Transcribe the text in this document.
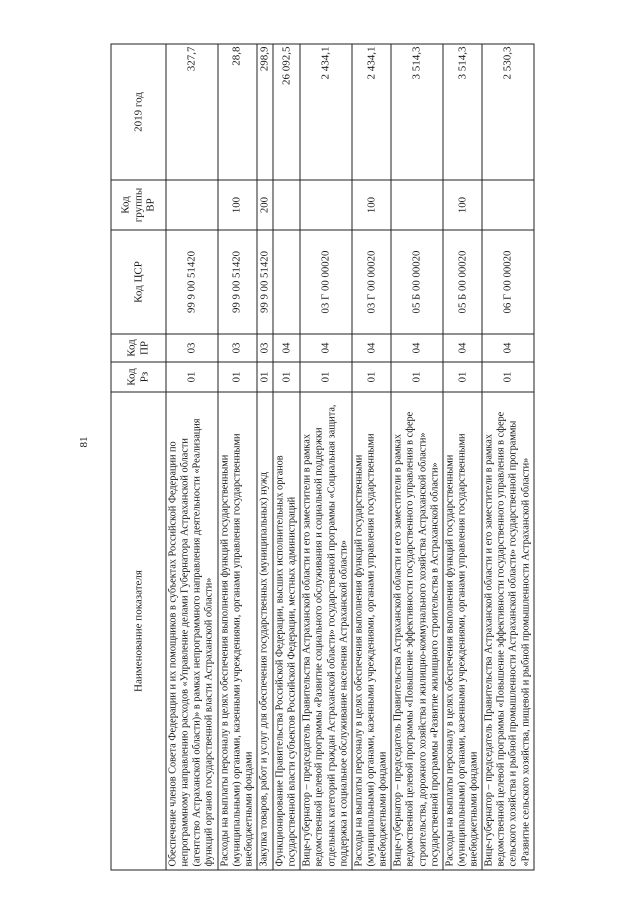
81
Наименование показателя	Код Рз	Код ПР	Код ЦСР	Код группы ВР	2019 год
Обеспечение членов Совета Федерации и их помощников в субъектах Российской Федерации по непрограммному направлению расходов «Управление делами Губернатора Астраханской области (агентство Астраханской области)» в рамках непрограммного направления деятельности «Реализация функций органов государственной власти Астраханской области»	01	03	99 9 00 51420		327,7
Расходы на выплаты персоналу в целях обеспечения выполнения функций государственными (муниципальными) органами, казенными учреждениями, органами управления государственными внебюджетными фондами	01	03	99 9 00 51420	100	28,8
Закупка товаров, работ и услуг для обеспечения государственных (муниципальных) нужд	01	03	99 9 00 51420	200	298,9
Функционирование Правительства Российской Федерации, высших исполнительных органов государственной власти субъектов Российской Федерации, местных администраций	01	04			26 092,5
Вице-губернатор – председатель Правительства Астраханской области и его заместители в рамках ведомственной целевой программы «Развитие социального обслуживания и социальной поддержки отдельных категорий граждан Астраханской области» государственной программы «Социальная защита, поддержка и социальное обслуживание населения Астраханской области»	01	04	03 Г 00 00020		2 434,1
Расходы на выплаты персоналу в целях обеспечения выполнения функций государственными (муниципальными) органами, казенными учреждениями, органами управления государственными внебюджетными фондами	01	04	03 Г 00 00020	100	2 434,1
Вице-губернатор – председатель Правительства Астраханской области и его заместители в рамках ведомственной целевой программы «Повышение эффективности государственного управления в сфере строительства, дорожного хозяйства и жилищно-коммунального хозяйства Астраханской области» государственной программы «Развитие жилищного строительства в Астраханской области»	01	04	05 Б 00 00020		3 514,3
Расходы на выплаты персоналу в целях обеспечения выполнения функций государственными (муниципальными) органами, казенными учреждениями, органами управления государственными внебюджетными фондами	01	04	05 Б 00 00020	100	3 514,3
Вице-губернатор – председатель Правительства Астраханской области и его заместители в рамках ведомственной целевой программы «Повышение эффективности государственного управления в сфере сельского хозяйства и рыбной промышленности Астраханской области» государственной программы «Развитие сельского хозяйства, пищевой и рыбной промышленности Астраханской области»	01	04	06 Г 00 00020		2 530,3
